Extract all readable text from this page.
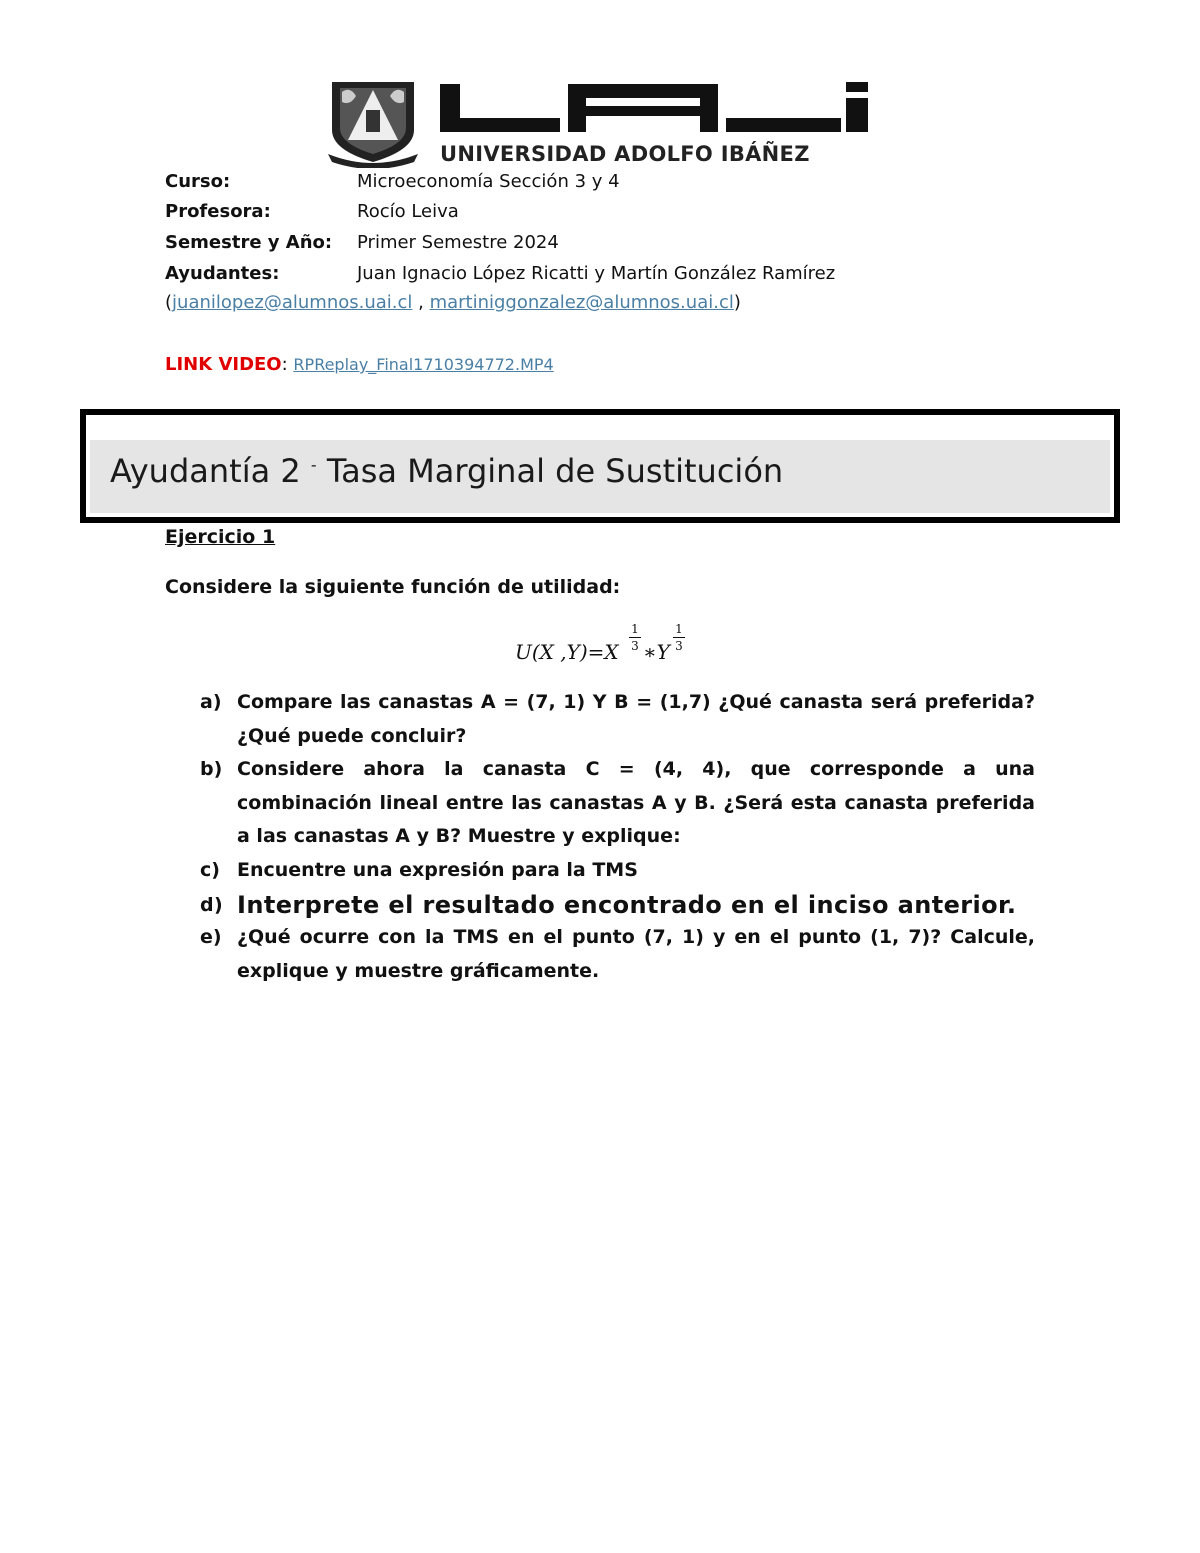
UNIVERSIDAD ADOLFO IBÁÑEZ
Curso:	Microeconomía Sección 3 y 4
Profesora:	Rocío Leiva
Semestre y Año: Primer Semestre 2024
Ayudantes:	Juan Ignacio López Ricatti y Martín González Ramírez
(juanilopez@alumnos.uai.cl , martiniggonzalez@alumnos.uai.cl)
LINK VIDEO: RPReplay_Final1710394772.MP4
Ayudantía 2 - Tasa Marginal de Sustitución
Ejercicio 1
Considere la siguiente función de utilidad:
U(X ,Y)=X
1
3 ∗Y
1
3
a) Compare las canastas A = (7, 1) Y B = (1,7) ¿Qué canasta será preferida? ¿Qué puede concluir?
b) Considere ahora la canasta C = (4, 4), que corresponde a una combinación lineal entre las canastas A y B. ¿Será esta canasta preferida a las canastas A y B? Muestre y explique:
c) Encuentre una expresión para la TMS
d) Interprete el resultado encontrado en el inciso anterior.
e) ¿Qué ocurre con la TMS en el punto (7, 1) y en el punto (1, 7)? Calcule, explique y muestre gráficamente.
